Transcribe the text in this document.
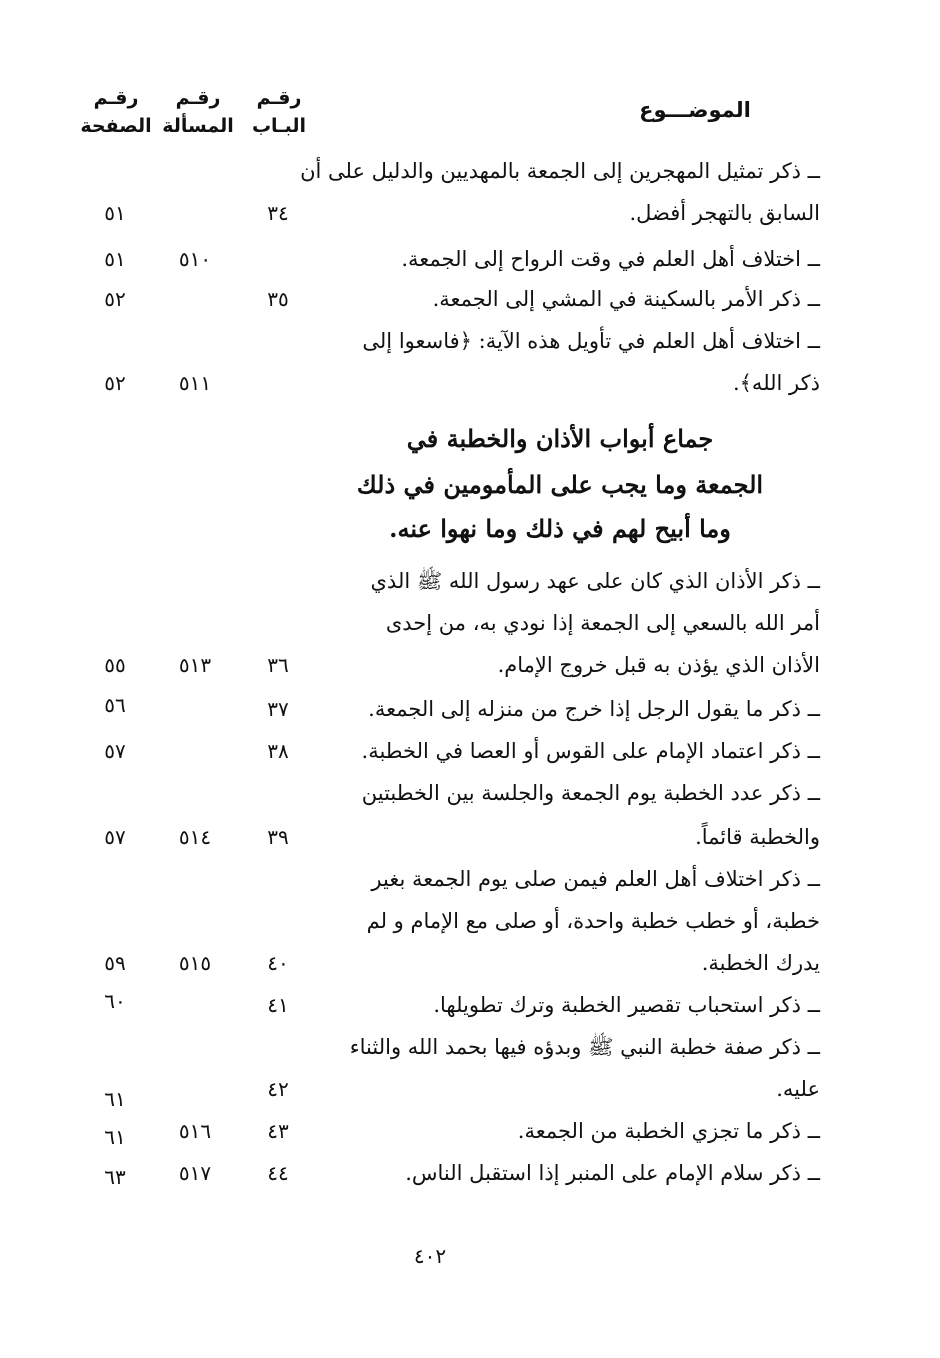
الموضـــوع
رقـم
البـاب
رقـم
المسألة
رقـم
الصفحة
ــ ذكر تمثيل المهجرين إلى الجمعة بالمهديين والدليل على أن
السابق بالتهجر أفضل.
٣٤
٥١
ــ اختلاف أهل العلم في وقت الرواح إلى الجمعة.
٥١٠
٥١
ــ ذكر الأمر بالسكينة في المشي إلى الجمعة.
٣٥
٥٢
ــ اختلاف أهل العلم في تأويل هذه الآية: ﴿فاسعوا إلى
ذكر الله﴾.
٥١١
٥٢
جماع أبواب الأذان والخطبة في
الجمعة وما يجب على المأمومين في ذلك
وما أبيح لهم في ذلك وما نهوا عنه.
ــ ذكر الأذان الذي كان على عهد رسول الله ﷺ الذي
أمر الله بالسعي إلى الجمعة إذا نودي به، من إحدى
الأذان الذي يؤذن به قبل خروج الإمام.
٣٦
٥١٣
٥٥
ــ ذكر ما يقول الرجل إذا خرج من منزله إلى الجمعة.
٣٧
٥٦
ــ ذكر اعتماد الإمام على القوس أو العصا في الخطبة.
٣٨
٥٧
ــ ذكر عدد الخطبة يوم الجمعة والجلسة بين الخطبتين
والخطبة قائماً.
٣٩
٥١٤
٥٧
ــ ذكر اختلاف أهل العلم فيمن صلى يوم الجمعة بغير
خطبة، أو خطب خطبة واحدة، أو صلى مع الإمام و لم
يدرك الخطبة.
٤٠
٥١٥
٥٩
ــ ذكر استحباب تقصير الخطبة وترك تطويلها.
٤١
٦٠
ــ ذكر صفة خطبة النبي ﷺ وبدؤه فيها بحمد الله والثناء
عليه.
٤٢
٦١
ــ ذكر ما تجزي الخطبة من الجمعة.
٤٣
٥١٦
٦١
ــ ذكر سلام الإمام على المنبر إذا استقبل الناس.
٤٤
٥١٧
٦٣
٤٠٢
